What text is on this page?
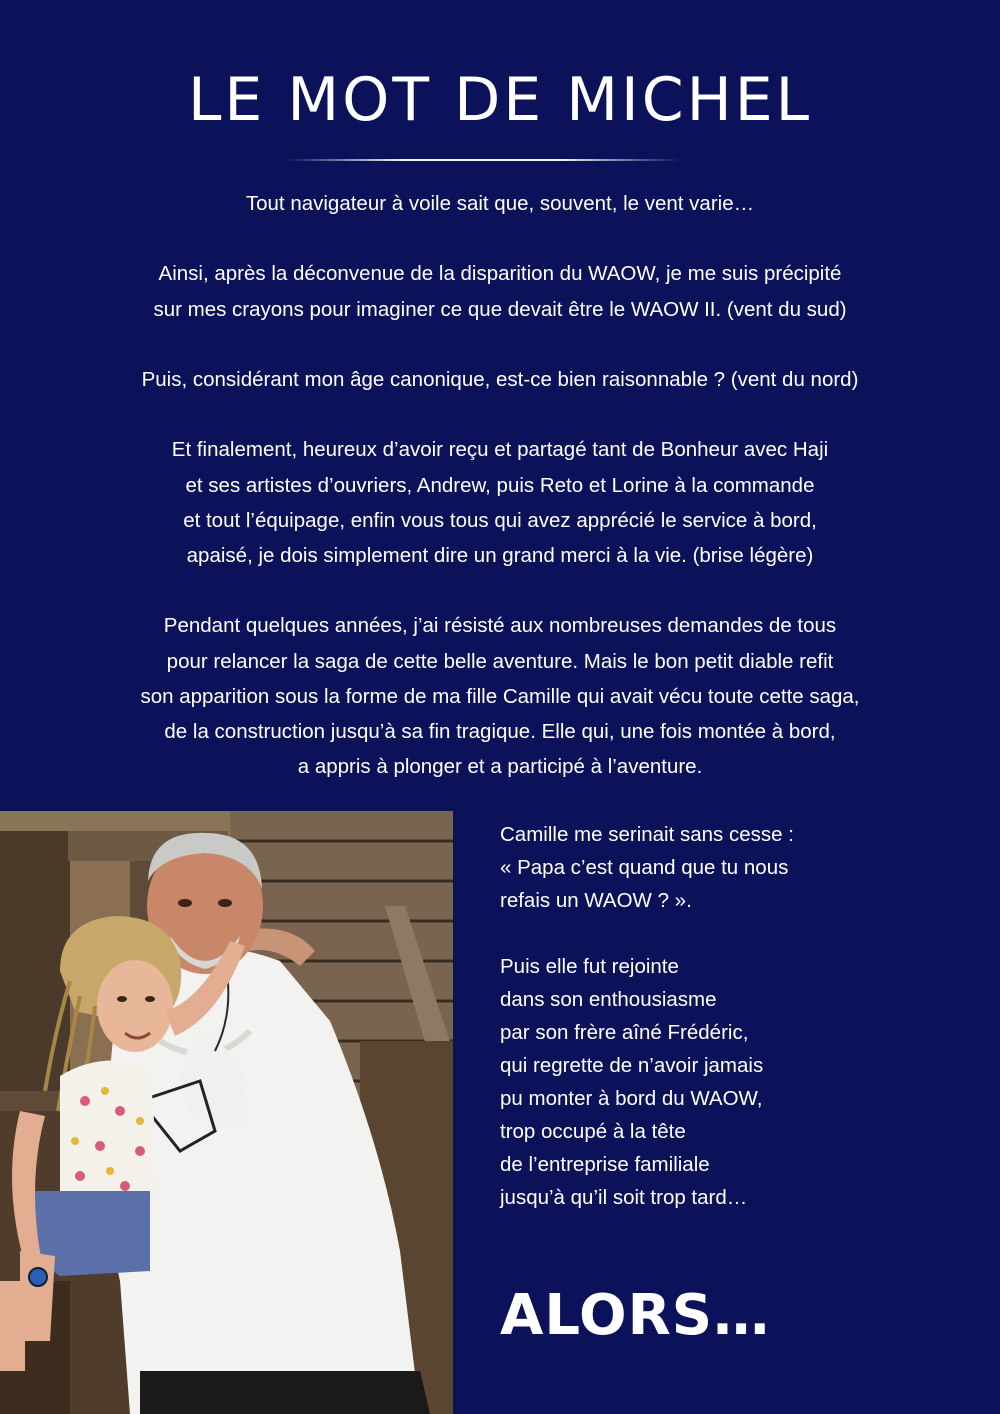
LE MOT DE MICHEL

Tout navigateur à voile sait que, souvent, le vent varie…

Ainsi, après la déconvenue de la disparition du WAOW, je me suis précipité
sur mes crayons pour imaginer ce que devait être le WAOW II. (vent du sud)

Puis, considérant mon âge canonique, est-ce bien raisonnable ? (vent du nord)

Et finalement, heureux d’avoir reçu et partagé tant de Bonheur avec Haji
et ses artistes d’ouvriers, Andrew, puis Reto et Lorine à la commande
et tout l’équipage, enfin vous tous qui avez apprécié le service à bord,
apaisé, je dois simplement dire un grand merci à la vie. (brise légère)

Pendant quelques années, j’ai résisté aux nombreuses demandes de tous
pour relancer la saga de cette belle aventure. Mais le bon petit diable refit
son apparition sous la forme de ma fille Camille qui avait vécu toute cette saga,
de la construction jusqu’à sa fin tragique. Elle qui, une fois montée à bord,
a appris à plonger et a participé à l’aventure.

Camille me serinait sans cesse :
« Papa c’est quand que tu nous
refais un WAOW ? ».

Puis elle fut rejointe
dans son enthousiasme
par son frère aîné Frédéric,
qui regrette de n’avoir jamais
pu monter à bord du WAOW,
trop occupé à la tête
de l’entreprise familiale
jusqu’à qu’il soit trop tard…

ALORS…
